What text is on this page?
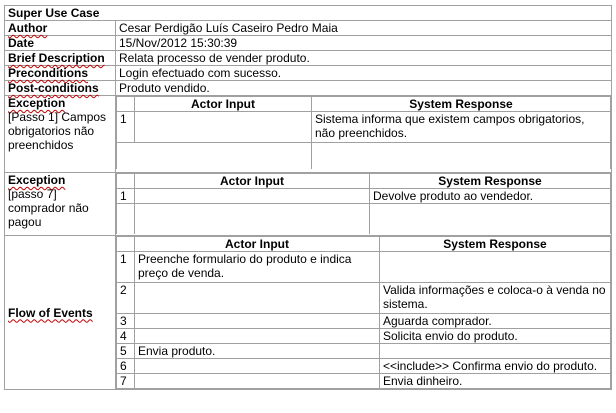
Super Use Case
Author	Cesar Perdigão Luís Caseiro Pedro Maia
Date	15/Nov/2012 15:30:39
Brief Description	Relata processo de vender produto.
Preconditions	Login efectuado com sucesso.
Post-conditions	Produto vendido.

Exception
[Passo 1] Campos obrigatorios não preenchidos

	Actor Input	System Response
1		Sistema informa que existem campos obrigatorios, não preenchidos.

Exception
[passo 7] comprador não pagou

	Actor Input	System Response
1		Devolve produto ao vendedor.

Flow of Events	
	Actor Input	System Response
1	Preenche formulario do produto e indica preço de venda.	
2		Valida informações e coloca-o à venda no sistema.
3		Aguarda comprador.
4		Solicita envio do produto.
5	Envia produto.	
6		<<include>> Confirma envio do produto.
7		Envia dinheiro.
